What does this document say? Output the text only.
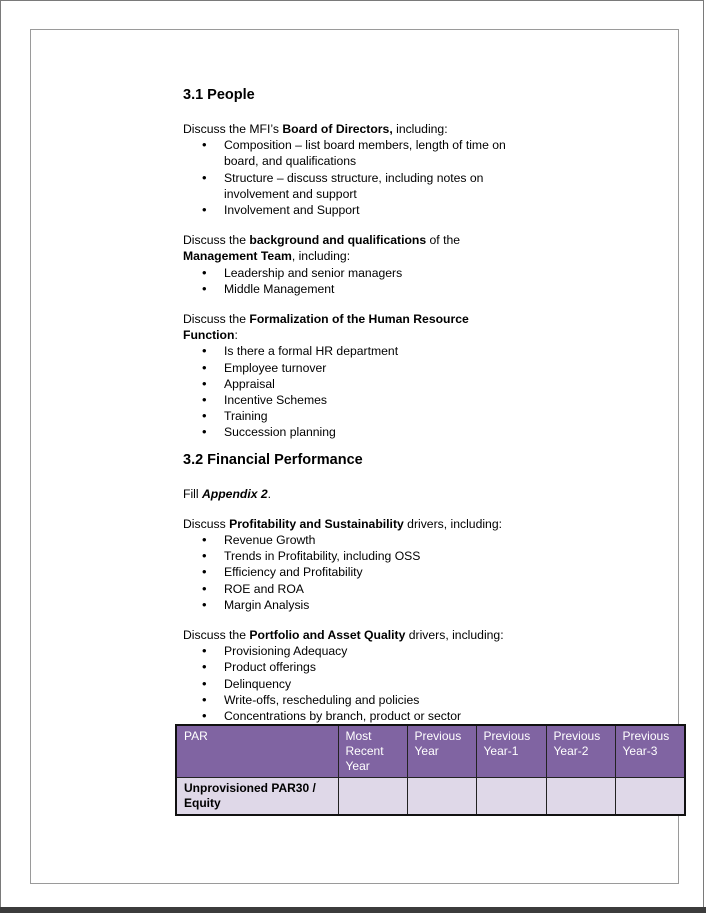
3.1 People

Discuss the MFI’s Board of Directors, including:

• Composition – list board members, length of time on board, and qualifications
• Structure – discuss structure, including notes on involvement and support
• Involvement and Support

Discuss the background and qualifications of the Management Team, including:

• Leadership and senior managers
• Middle Management

Discuss the Formalization of the Human Resource Function:

• Is there a formal HR department
• Employee turnover
• Appraisal
• Incentive Schemes
• Training
• Succession planning
3.2 Financial Performance

Fill Appendix 2.

Discuss Profitability and Sustainability drivers, including:

• Revenue Growth
• Trends in Profitability, including OSS
• Efficiency and Profitability
• ROE and ROA
• Margin Analysis

Discuss the Portfolio and Asset Quality drivers, including:

• Provisioning Adequacy
• Product offerings
• Delinquency
• Write-offs, rescheduling and policies
• Concentrations by branch, product or sector
PAR	Most Recent Year	Previous Year	Previous Year-1	Previous Year-2	Previous Year-3
Unprovisioned PAR30 / Equity					
